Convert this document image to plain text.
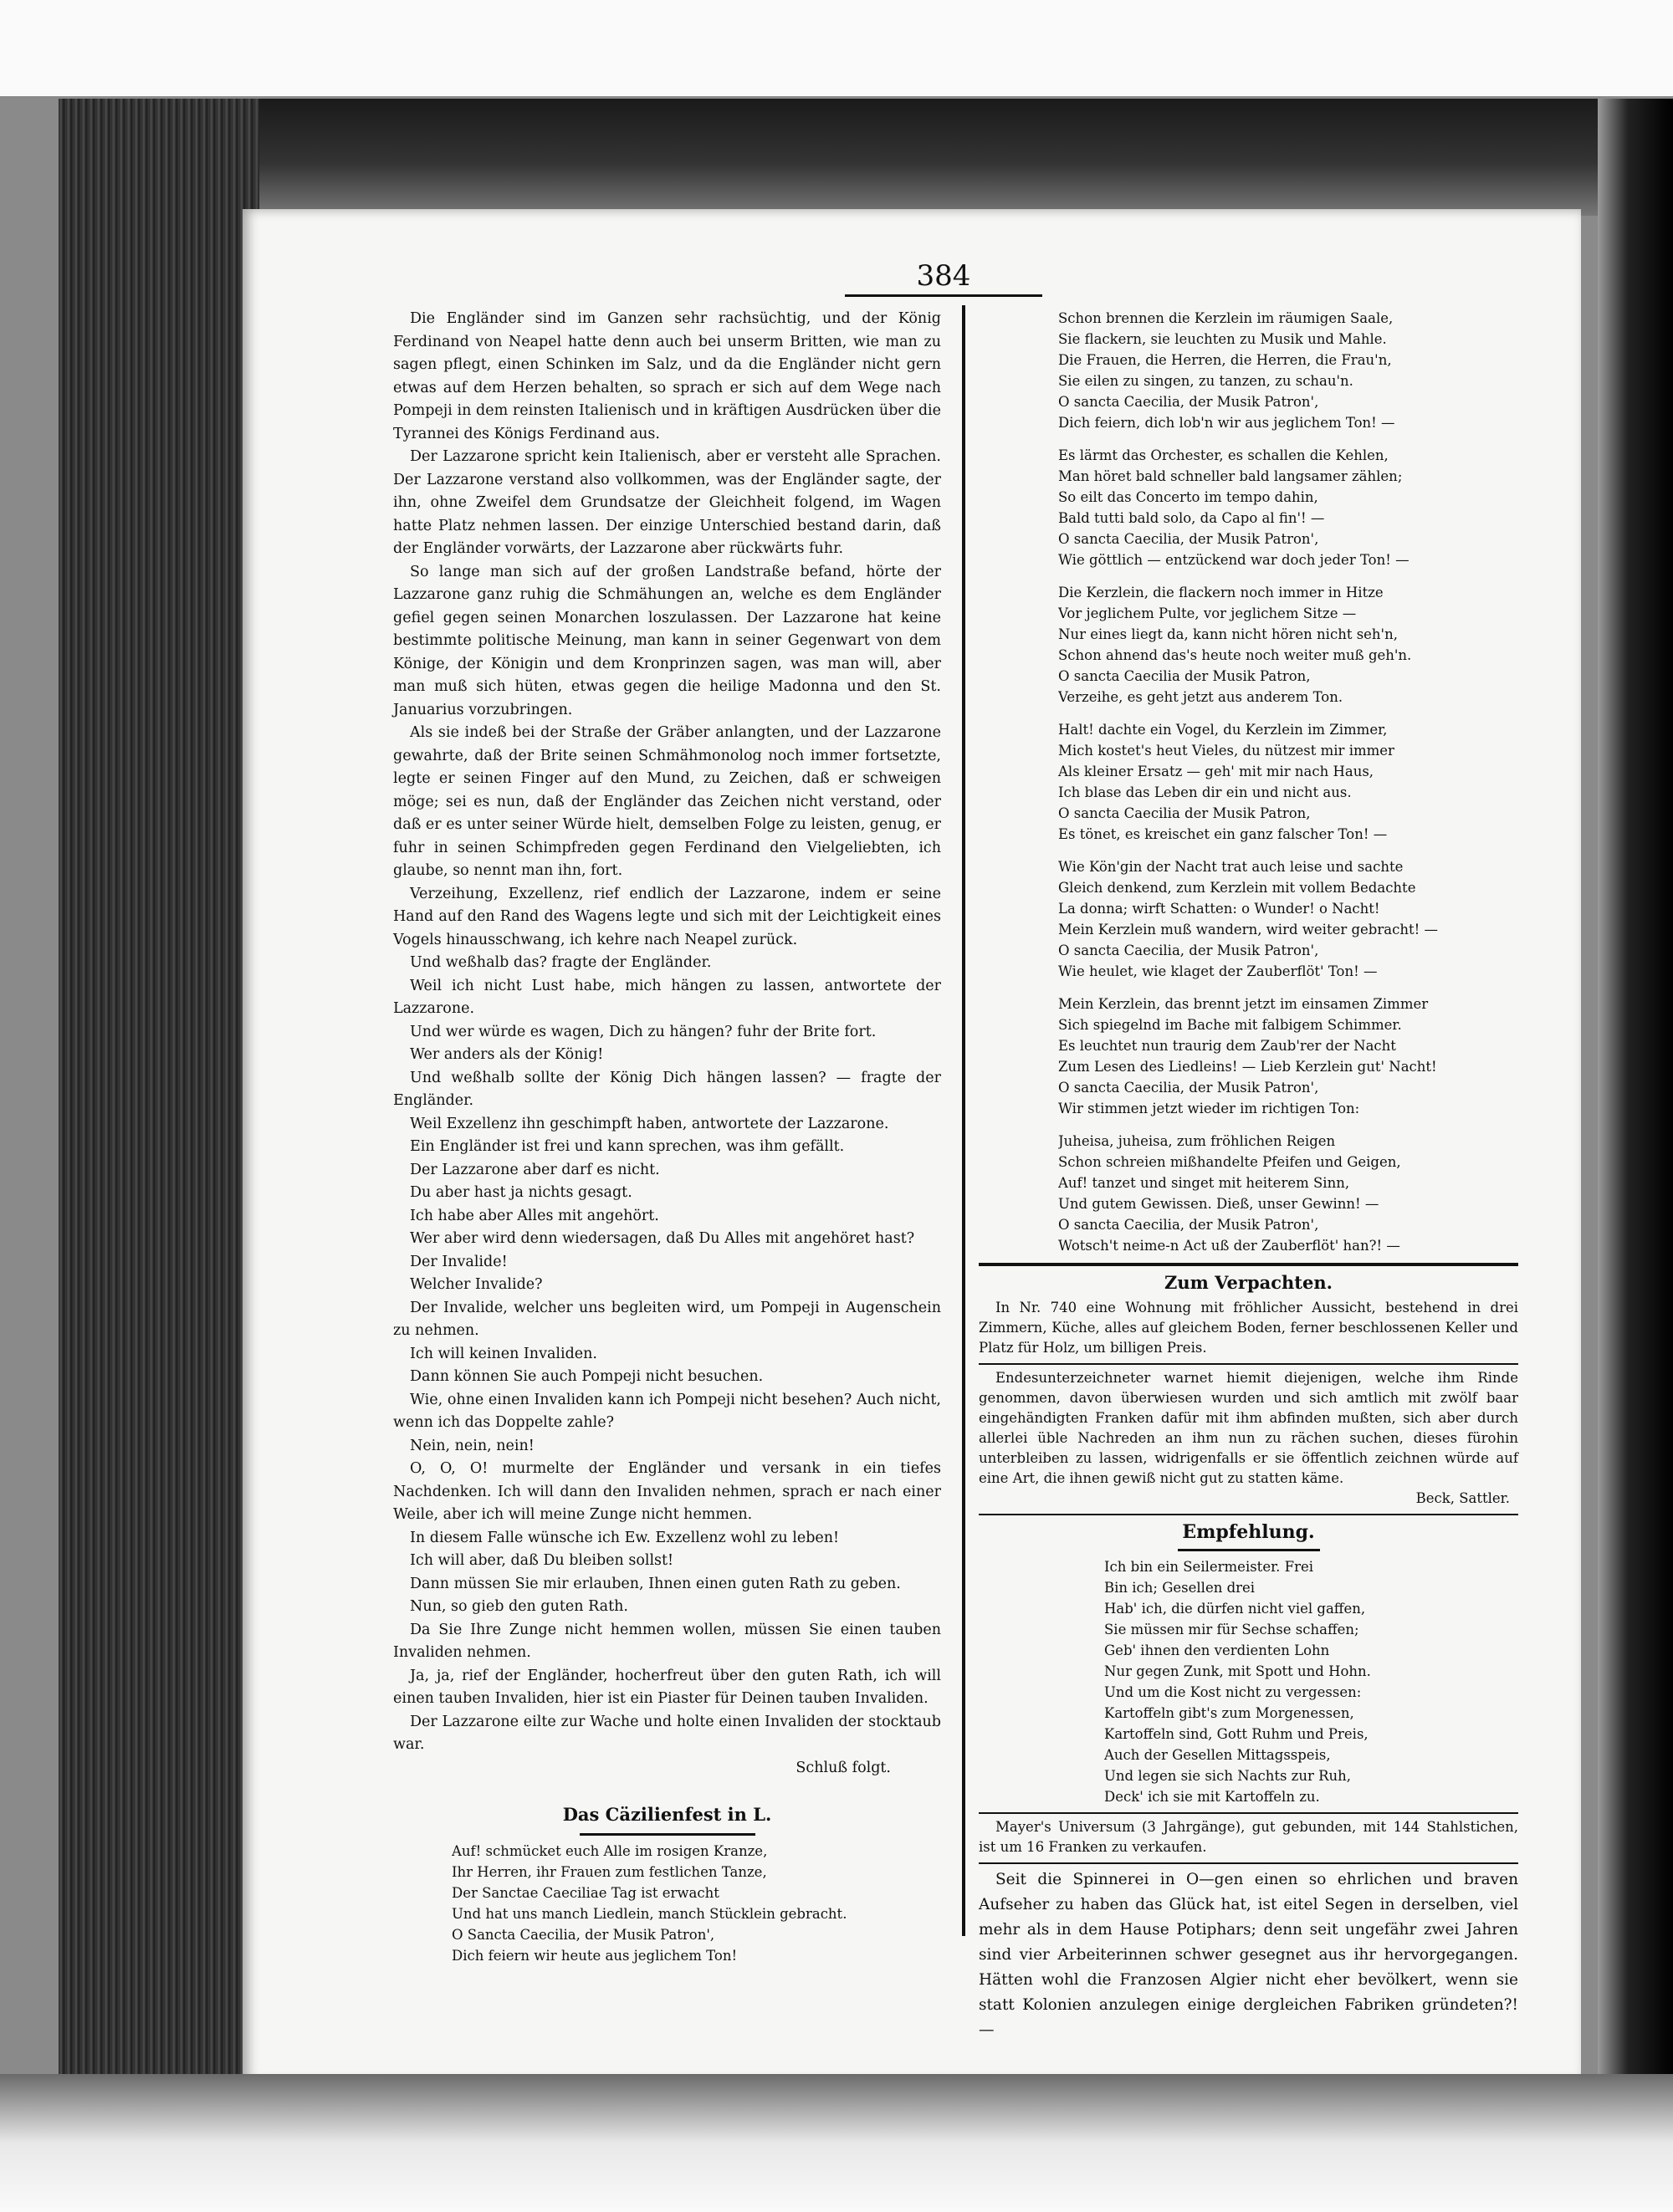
384

Die Engländer sind im Ganzen sehr rachsüchtig, und der König Ferdinand von Neapel hatte denn auch bei unserm Britten, wie man zu sagen pflegt, einen Schinken im Salz, und da die Engländer nicht gern etwas auf dem Herzen behalten, so sprach er sich auf dem Wege nach Pompeji in dem reinsten Italienisch und in kräftigen Ausdrücken über die Tyrannei des Königs Ferdinand aus.

Der Lazzarone spricht kein Italienisch, aber er versteht alle Sprachen. Der Lazzarone verstand also vollkommen, was der Engländer sagte, der ihn, ohne Zweifel dem Grundsatze der Gleichheit folgend, im Wagen hatte Platz nehmen lassen. Der einzige Unterschied bestand darin, daß der Engländer vorwärts, der Lazzarone aber rückwärts fuhr.

So lange man sich auf der großen Landstraße befand, hörte der Lazzarone ganz ruhig die Schmähungen an, welche es dem Engländer gefiel gegen seinen Monarchen loszulassen. Der Lazzarone hat keine bestimmte politische Meinung, man kann in seiner Gegenwart von dem Könige, der Königin und dem Kronprinzen sagen, was man will, aber man muß sich hüten, etwas gegen die heilige Madonna und den St. Januarius vorzubringen.

Als sie indeß bei der Straße der Gräber anlangten, und der Lazzarone gewahrte, daß der Brite seinen Schmähmonolog noch immer fortsetzte, legte er seinen Finger auf den Mund, zu Zeichen, daß er schweigen möge; sei es nun, daß der Engländer das Zeichen nicht verstand, oder daß er es unter seiner Würde hielt, demselben Folge zu leisten, genug, er fuhr in seinen Schimpfreden gegen Ferdinand den Vielgeliebten, ich glaube, so nennt man ihn, fort.

Verzeihung, Exzellenz, rief endlich der Lazzarone, indem er seine Hand auf den Rand des Wagens legte und sich mit der Leichtigkeit eines Vogels hinausschwang, ich kehre nach Neapel zurück.

Und weßhalb das? fragte der Engländer.

Weil ich nicht Lust habe, mich hängen zu lassen, antwortete der Lazzarone.

Und wer würde es wagen, Dich zu hängen? fuhr der Brite fort.

Wer anders als der König!

Und weßhalb sollte der König Dich hängen lassen? — fragte der Engländer.

Weil Exzellenz ihn geschimpft haben, antwortete der Lazzarone.

Ein Engländer ist frei und kann sprechen, was ihm gefällt.

Der Lazzarone aber darf es nicht.

Du aber hast ja nichts gesagt.

Ich habe aber Alles mit angehört.

Wer aber wird denn wiedersagen, daß Du Alles mit angehöret hast?

Der Invalide!

Welcher Invalide?

Der Invalide, welcher uns begleiten wird, um Pompeji in Augenschein zu nehmen.

Ich will keinen Invaliden.

Dann können Sie auch Pompeji nicht besuchen.

Wie, ohne einen Invaliden kann ich Pompeji nicht besehen? Auch nicht, wenn ich das Doppelte zahle?

Nein, nein, nein!

O, O, O! murmelte der Engländer und versank in ein tiefes Nachdenken. Ich will dann den Invaliden nehmen, sprach er nach einer Weile, aber ich will meine Zunge nicht hemmen.

In diesem Falle wünsche ich Ew. Exzellenz wohl zu leben!

Ich will aber, daß Du bleiben sollst!

Dann müssen Sie mir erlauben, Ihnen einen guten Rath zu geben.

Nun, so gieb den guten Rath.

Da Sie Ihre Zunge nicht hemmen wollen, müssen Sie einen tauben Invaliden nehmen.

Ja, ja, rief der Engländer, hocherfreut über den guten Rath, ich will einen tauben Invaliden, hier ist ein Piaster für Deinen tauben Invaliden.

Der Lazzarone eilte zur Wache und holte einen Invaliden der stocktaub war.

Schluß folgt.
Das Cäzilienfest in L.
Auf! schmücket euch Alle im rosigen Kranze,
Ihr Herren, ihr Frauen zum festlichen Tanze,
Der Sanctae Caeciliae Tag ist erwacht
Und hat uns manch Liedlein, manch Stücklein gebracht.
O Sancta Caecilia, der Musik Patron',
Dich feiern wir heute aus jeglichem Ton!
Schon brennen die Kerzlein im räumigen Saale,
Sie flackern, sie leuchten zu Musik und Mahle.
Die Frauen, die Herren, die Herren, die Frau'n,
Sie eilen zu singen, zu tanzen, zu schau'n.
O sancta Caecilia, der Musik Patron',
Dich feiern, dich lob'n wir aus jeglichem Ton! —
Es lärmt das Orchester, es schallen die Kehlen,
Man höret bald schneller bald langsamer zählen;
So eilt das Concerto im tempo dahin,
Bald tutti bald solo, da Capo al fin'! —
O sancta Caecilia, der Musik Patron',
Wie göttlich — entzückend war doch jeder Ton! —
Die Kerzlein, die flackern noch immer in Hitze
Vor jeglichem Pulte, vor jeglichem Sitze —
Nur eines liegt da, kann nicht hören nicht seh'n,
Schon ahnend das's heute noch weiter muß geh'n.
O sancta Caecilia der Musik Patron,
Verzeihe, es geht jetzt aus anderem Ton.
Halt! dachte ein Vogel, du Kerzlein im Zimmer,
Mich kostet's heut Vieles, du nützest mir immer
Als kleiner Ersatz — geh' mit mir nach Haus,
Ich blase das Leben dir ein und nicht aus.
O sancta Caecilia der Musik Patron,
Es tönet, es kreischet ein ganz falscher Ton! —
Wie Kön'gin der Nacht trat auch leise und sachte
Gleich denkend, zum Kerzlein mit vollem Bedachte
La donna; wirft Schatten: o Wunder! o Nacht!
Mein Kerzlein muß wandern, wird weiter gebracht! —
O sancta Caecilia, der Musik Patron',
Wie heulet, wie klaget der Zauberflöt' Ton! —
Mein Kerzlein, das brennt jetzt im einsamen Zimmer
Sich spiegelnd im Bache mit falbigem Schimmer.
Es leuchtet nun traurig dem Zaub'rer der Nacht
Zum Lesen des Liedleins! — Lieb Kerzlein gut' Nacht!
O sancta Caecilia, der Musik Patron',
Wir stimmen jetzt wieder im richtigen Ton:
Juheisa, juheisa, zum fröhlichen Reigen
Schon schreien mißhandelte Pfeifen und Geigen,
Auf! tanzet und singet mit heiterem Sinn,
Und gutem Gewissen. Dieß, unser Gewinn! —
O sancta Caecilia, der Musik Patron',
Wotsch't neime-n Act uß der Zauberflöt' han?! —
Zum Verpachten.

In Nr. 740 eine Wohnung mit fröhlicher Aussicht, bestehend in drei Zimmern, Küche, alles auf gleichem Boden, ferner beschlossenen Keller und Platz für Holz, um billigen Preis.

Endesunterzeichneter warnet hiemit diejenigen, welche ihm Rinde genommen, davon überwiesen wurden und sich amtlich mit zwölf baar eingehändigten Franken dafür mit ihm abfinden mußten, sich aber durch allerlei üble Nachreden an ihm nun zu rächen suchen, dieses fürohin unterbleiben zu lassen, widrigenfalls er sie öffentlich zeichnen würde auf eine Art, die ihnen gewiß nicht gut zu statten käme.

Beck, Sattler.
Empfehlung.
Ich bin ein Seilermeister. Frei
Bin ich; Gesellen drei
Hab' ich, die dürfen nicht viel gaffen,
Sie müssen mir für Sechse schaffen;
Geb' ihnen den verdienten Lohn
Nur gegen Zunk, mit Spott und Hohn.
Und um die Kost nicht zu vergessen:
Kartoffeln gibt's zum Morgenessen,
Kartoffeln sind, Gott Ruhm und Preis,
Auch der Gesellen Mittagsspeis,
Und legen sie sich Nachts zur Ruh,
Deck' ich sie mit Kartoffeln zu.

Mayer's Universum (3 Jahrgänge), gut gebunden, mit 144 Stahlstichen, ist um 16 Franken zu verkaufen.

Seit die Spinnerei in O—gen einen so ehrlichen und braven Aufseher zu haben das Glück hat, ist eitel Segen in derselben, viel mehr als in dem Hause Potiphars; denn seit ungefähr zwei Jahren sind vier Arbeiterinnen schwer gesegnet aus ihr hervorgegangen. Hätten wohl die Franzosen Algier nicht eher bevölkert, wenn sie statt Kolonien anzulegen einige dergleichen Fabriken gründeten?! —
